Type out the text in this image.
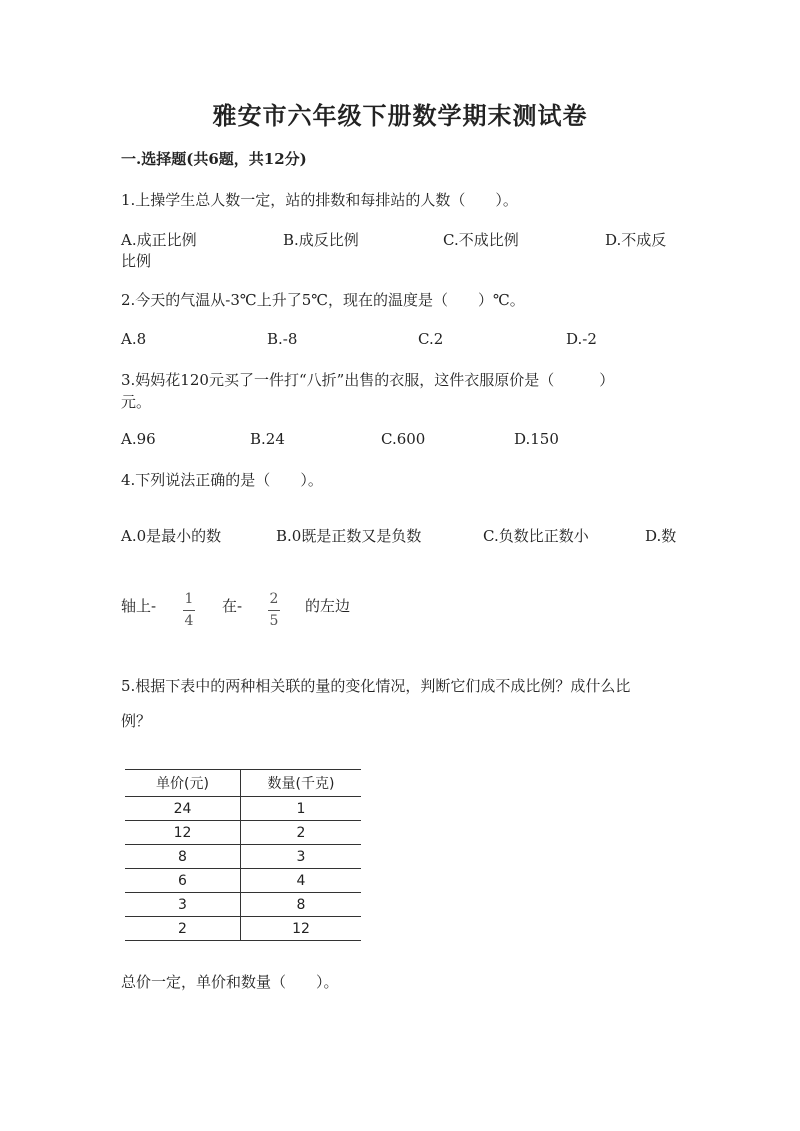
雅安市六年级下册数学期末测试卷
一.选择题(共6题，共12分)
1.上操学生总人数一定，站的排数和每排站的人数（　　）。
A.成正比例	B.成反比例	C.不成比例	D.不成反
比例
2.今天的气温从-3℃上升了5℃，现在的温度是（　　）℃。
A.8	B.-8	C.2	D.-2
3.妈妈花120元买了一件打“八折”出售的衣服，这件衣服原价是（　　　）
元。
A.96	B.24	C.600	D.150
4.下列说法正确的是（　　）。
A.0是最小的数	B.0既是正数又是负数	C.负数比正数小	D.数
轴上- 1
4
在- 2
5
的左边
5.根据下表中的两种相关联的量的变化情况，判断它们成不成比例？成什么比
例？
单价(元)	数量(千克)
24	1
12	2
8	3
6	4
3	8
2	12
总价一定，单价和数量（　　）。
